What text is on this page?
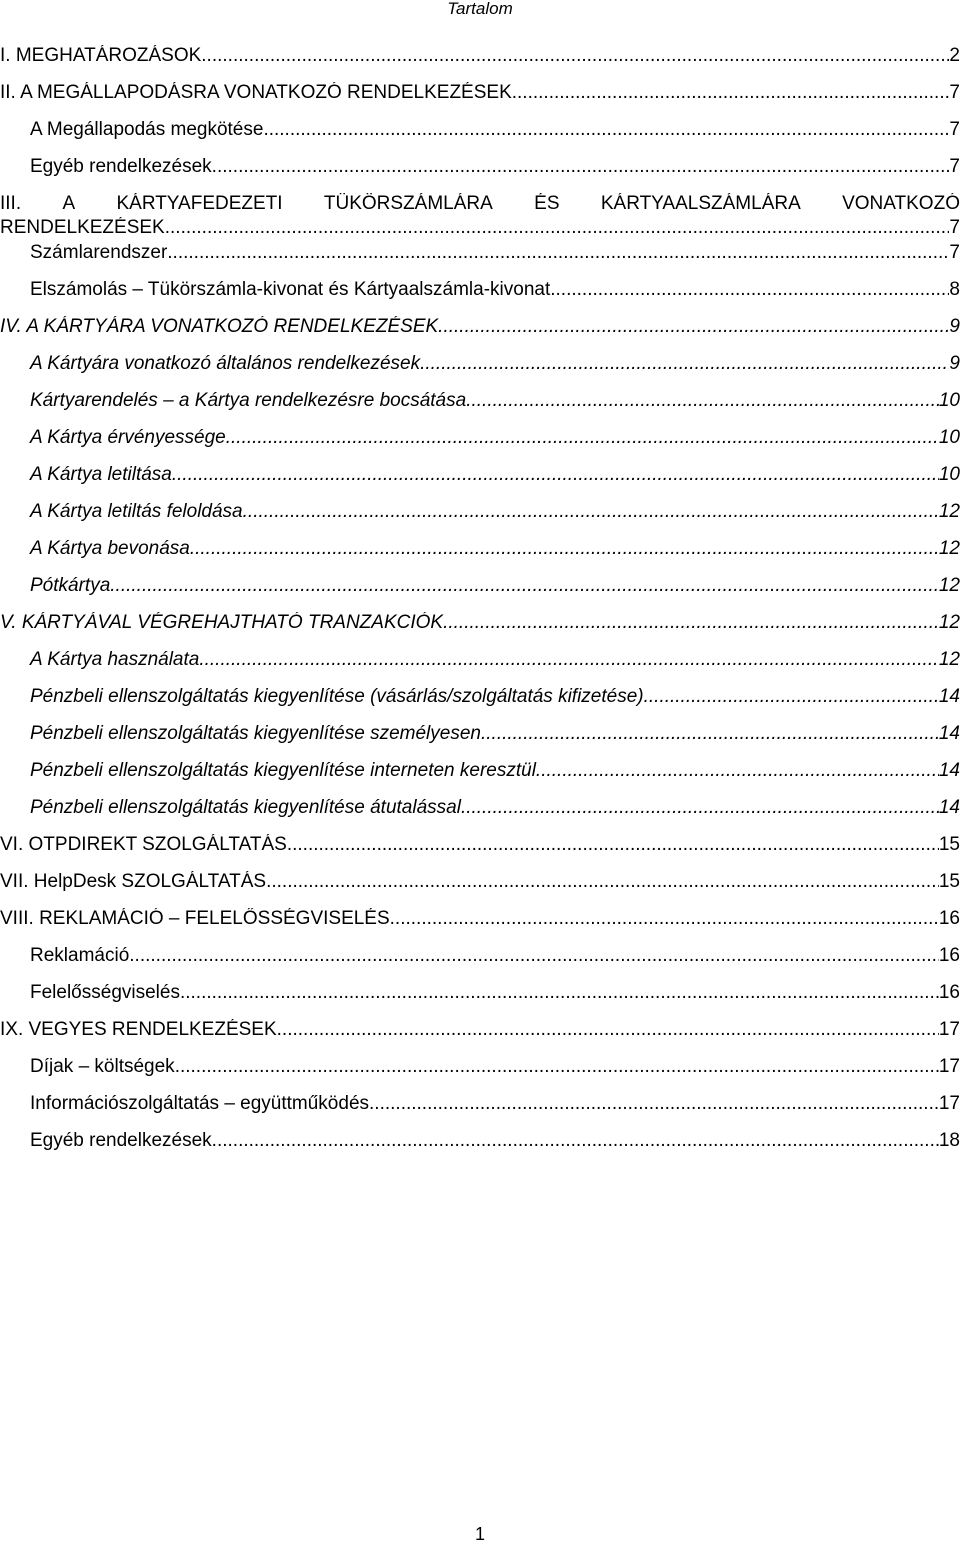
Tartalom
I. MEGHATÁROZÁSOK .....	2
II. A MEGÁLLAPODÁSRA VONATKOZÓ RENDELKEZÉSEK .....	7
A Megállapodás megkötése .....	7
Egyéb rendelkezések .....	7
III. A KÁRTYAFEDEZETI TÜKÖRSZÁMLÁRA ÉS KÁRTYAALSZÁMLÁRA VONATKOZÓ
RENDELKEZÉSEK .....	7
Számlarendszer .....	7
Elszámolás – Tükörszámla-kivonat és Kártyaalszámla-kivonat .....	8
IV. A KÁRTYÁRA VONATKOZÓ RENDELKEZÉSEK .....	9
A Kártyára vonatkozó általános rendelkezések .....	9
Kártyarendelés – a Kártya rendelkezésre bocsátása .....	10
A Kártya érvényessége .....	10
A Kártya letiltása .....	10
A Kártya letiltás feloldása .....	12
A Kártya bevonása .....	12
Pótkártya .....	12
V. KÁRTYÁVAL VÉGREHAJTHATÓ TRANZAKCIÓK .....	12
A Kártya használata .....	12
Pénzbeli ellenszolgáltatás kiegyenlítése (vásárlás/szolgáltatás kifizetése) .....	14
Pénzbeli ellenszolgáltatás kiegyenlítése személyesen .....	14
Pénzbeli ellenszolgáltatás kiegyenlítése interneten keresztül .....	14
Pénzbeli ellenszolgáltatás kiegyenlítése átutalással .....	14
VI. OTPDIREKT SZOLGÁLTATÁS .....	15
VII. HelpDesk SZOLGÁLTATÁS .....	15
VIII. REKLAMÁCIÓ – FELELŐSSÉGVISELÉS .....	16
Reklamáció .....	16
Felelősségviselés .....	16
IX. VEGYES RENDELKEZÉSEK .....	17
Díjak – költségek .....	17
Információszolgáltatás – együttműködés .....	17
Egyéb rendelkezések .....	18
1
